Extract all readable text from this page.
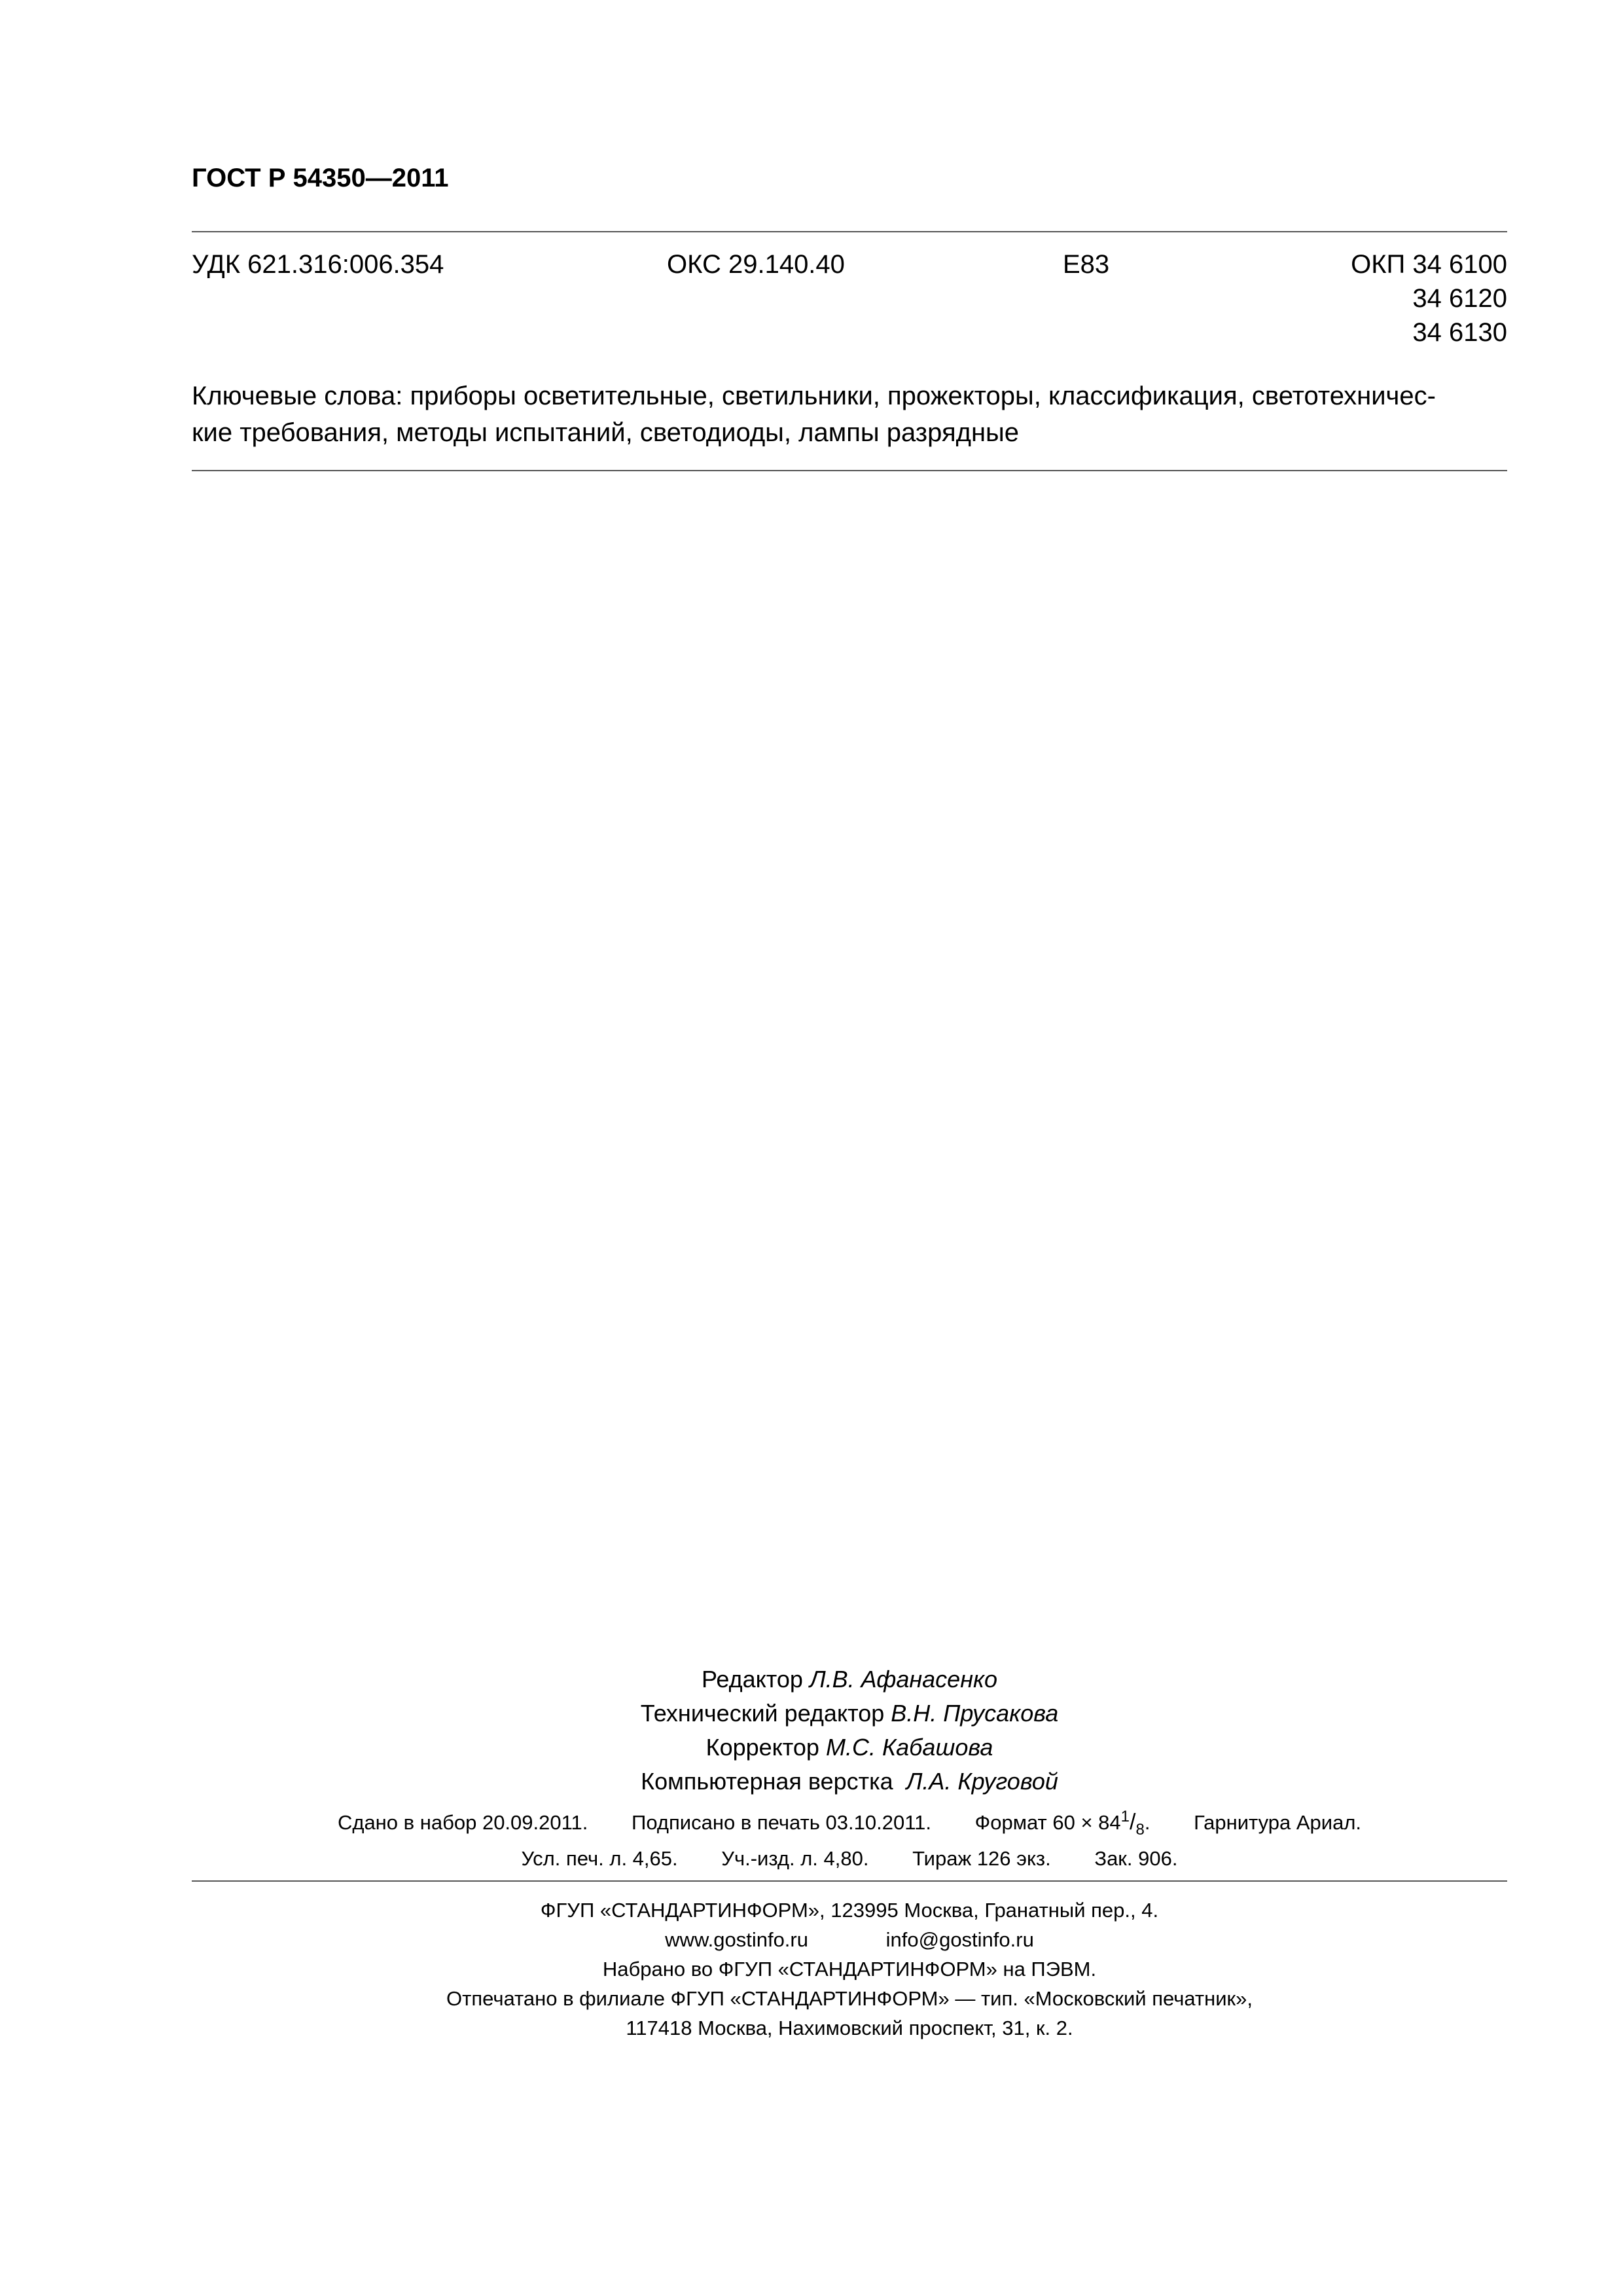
ГОСТ Р 54350—2011
УДК 621.316:006.354	ОКС 29.140.40	Е83	ОКП 34 6100
34 6120
34 6130
Ключевые слова: приборы осветительные, светильники, прожекторы, классификация, светотехничес-
кие требования, методы испытаний, светодиоды, лампы разрядные
Редактор Л.В. Афанасенко
Технический редактор В.Н. Прусакова
Корректор М.С. Кабашова
Компьютерная верстка Л.А. Круговой
Сдано в набор 20.09.2011. Подписано в печать 03.10.2011. Формат $60 \times 84^1/_8$. Гарнитура Ариал.
Усл. печ. л. 4,65. Уч.-изд. л. 4,80. Тираж 126 экз. Зак. 906.
ФГУП «СТАНДАРТИНФОРМ», 123995 Москва, Гранатный пер., 4.
www.gostinfo.ru	info@gostinfo.ru
Набрано во ФГУП «СТАНДАРТИНФОРМ» на ПЭВМ.
Отпечатано в филиале ФГУП «СТАНДАРТИНФОРМ» — тип. «Московский печатник»,
117418 Москва, Нахимовский проспект, 31, к. 2.
